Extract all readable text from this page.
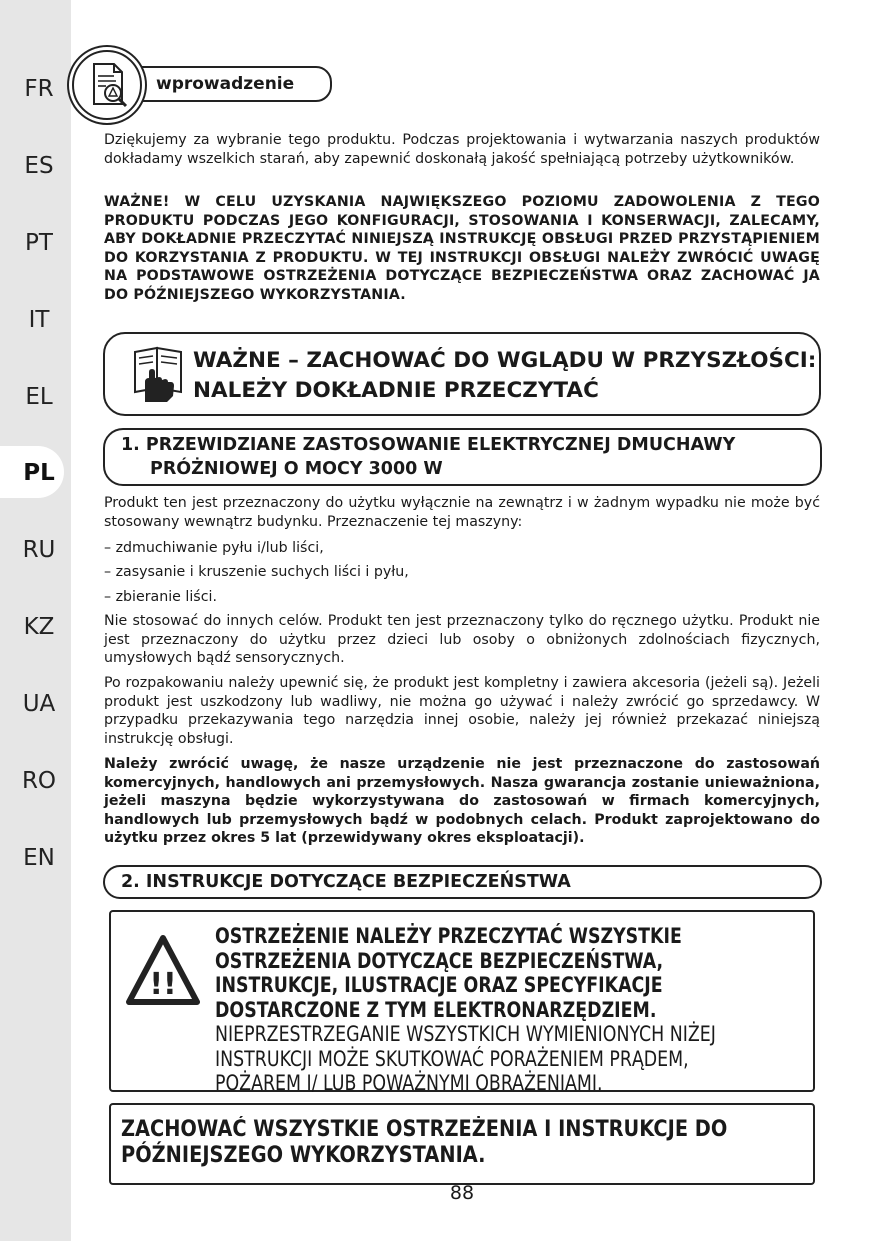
FR
ES
PT
IT
EL
PL
RU
KZ
UA
RO
EN
wprowadzenie
Dziękujemy za wybranie tego produktu. Podczas projektowania i wytwarzania naszych produktów dokładamy wszelkich starań, aby zapewnić doskonałą jakość spełniającą potrzeby użytkowników.
WAŻNE! W CELU UZYSKANIA NAJWIĘKSZEGO POZIOMU ZADOWOLENIA Z TEGO PRODUKTU PODCZAS JEGO KONFIGURACJI, STOSOWANIA I KONSERWACJI, ZALECAMY, ABY DOKŁADNIE PRZECZYTAĆ NINIEJSZĄ INSTRUKCJĘ OBSŁUGI PRZED PRZYSTĄPIENIEM DO KORZYSTANIA Z PRODUKTU. W TEJ INSTRUKCJI OBSŁUGI NALEŻY ZWRÓCIĆ UWAGĘ NA PODSTAWOWE OSTRZEŻENIA DOTYCZĄCE BEZPIECZEŃSTWA ORAZ ZACHOWAĆ JA DO PÓŹNIEJSZEGO WYKORZYSTANIA.
WAŻNE – ZACHOWAĆ DO WGLĄDU W PRZYSZŁOŚCI:
NALEŻY DOKŁADNIE PRZECZYTAĆ
1. PRZEWIDZIANE ZASTOSOWANIE ELEKTRYCZNEJ DMUCHAWY
PRÓŻNIOWEJ O MOCY 3000 W
Produkt ten jest przeznaczony do użytku wyłącznie na zewnątrz i w żadnym wypadku nie może być stosowany wewnątrz budynku. Przeznaczenie tej maszyny:
– zdmuchiwanie pyłu i/lub liści,
– zasysanie i kruszenie suchych liści i pyłu,
– zbieranie liści.
Nie stosować do innych celów. Produkt ten jest przeznaczony tylko do ręcznego użytku. Produkt nie jest przeznaczony do użytku przez dzieci lub osoby o obniżonych zdolnościach fizycznych, umysłowych bądź sensorycznych.
Po rozpakowaniu należy upewnić się, że produkt jest kompletny i zawiera akcesoria (jeżeli są). Jeżeli produkt jest uszkodzony lub wadliwy, nie można go używać i należy zwrócić go sprzedawcy. W przypadku przekazywania tego narzędzia innej osobie, należy jej również przekazać niniejszą instrukcję obsługi.
Należy zwrócić uwagę, że nasze urządzenie nie jest przeznaczone do zastosowań komercyjnych, handlowych ani przemysłowych. Nasza gwarancja zostanie unieważniona, jeżeli maszyna będzie wykorzystywana do zastosowań w firmach komercyjnych, handlowych lub przemysłowych bądź w podobnych celach. Produkt zaprojektowano do użytku przez okres 5 lat (przewidywany okres eksploatacji).
2. INSTRUKCJE DOTYCZĄCE BEZPIECZEŃSTWA
!!
OSTRZEŻENIE NALEŻY PRZECZYTAĆ WSZYSTKIE OSTRZEŻENIA DOTYCZĄCE BEZPIECZEŃSTWA, INSTRUKCJE, ILUSTRACJE ORAZ SPECYFIKACJE DOSTARCZONE Z TYM ELEKTRONARZĘDZIEM. NIEPRZESTRZEGANIE WSZYSTKICH WYMIENIONYCH NIŻEJ INSTRUKCJI MOŻE SKUTKOWAĆ PORAŻENIEM PRĄDEM, POŻAREM I/ LUB POWAŻNYMI OBRAŻENIAMI.
ZACHOWAĆ WSZYSTKIE OSTRZEŻENIA I INSTRUKCJE DO PÓŹNIEJSZEGO WYKORZYSTANIA.
88
